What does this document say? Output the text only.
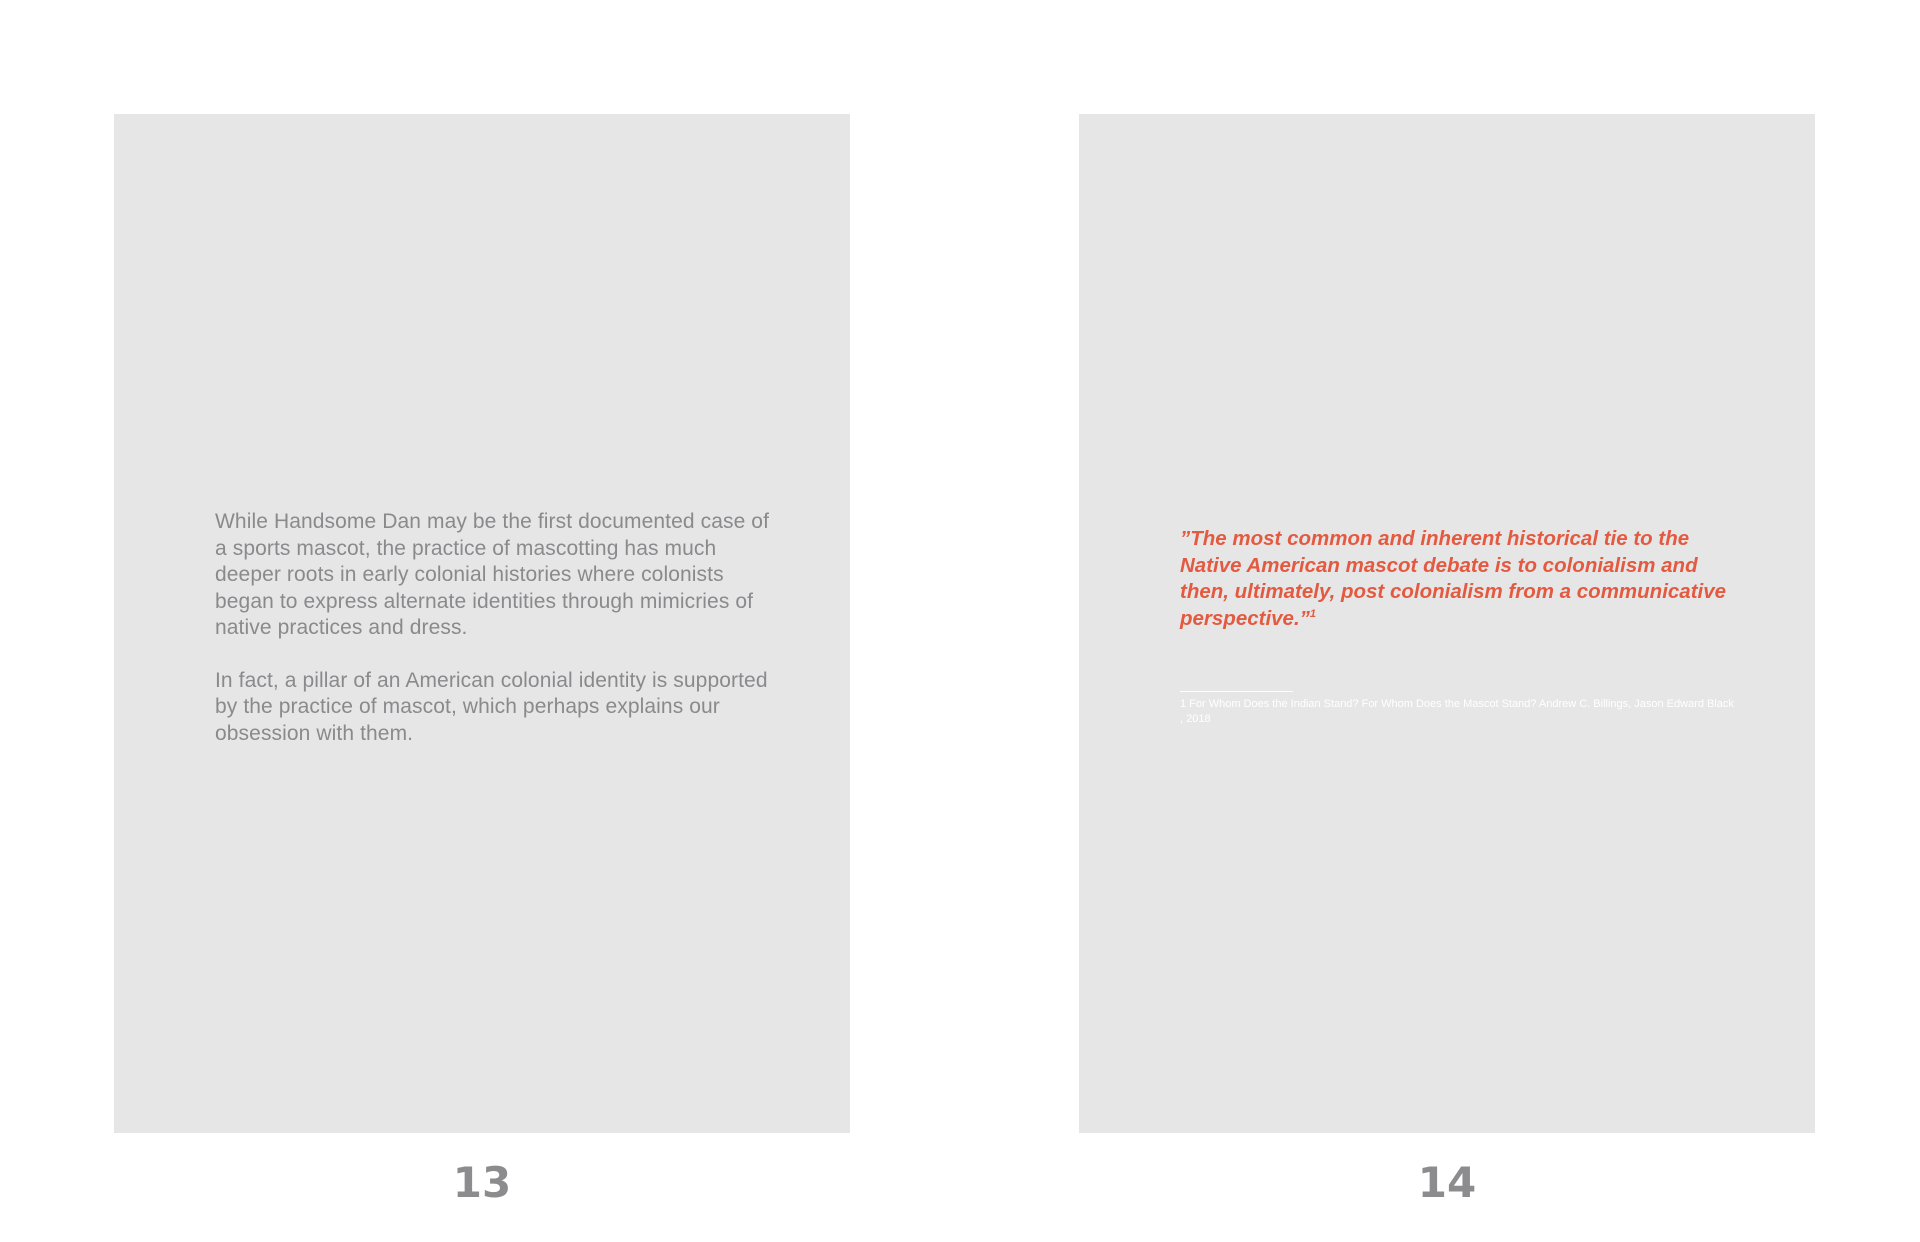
While Handsome Dan may be the first documented case of a sports mascot, the practice of mascotting has much deeper roots in early colonial histories where colonists began to express alternate identities through mimicries of native practices and dress.

In fact, a pillar of an American colonial identity is supported by the practice of mascot, which perhaps explains our obsession with them.

”The most common and inherent historical tie to the Native American mascot debate is to colonialism and then, ultimately, post colonialism from a communicative perspective.”$^1$

1 For Whom Does the Indian Stand? For Whom Does the Mascot Stand? Andrew C. Billings, Jason Edward Black , 2018

13	14
